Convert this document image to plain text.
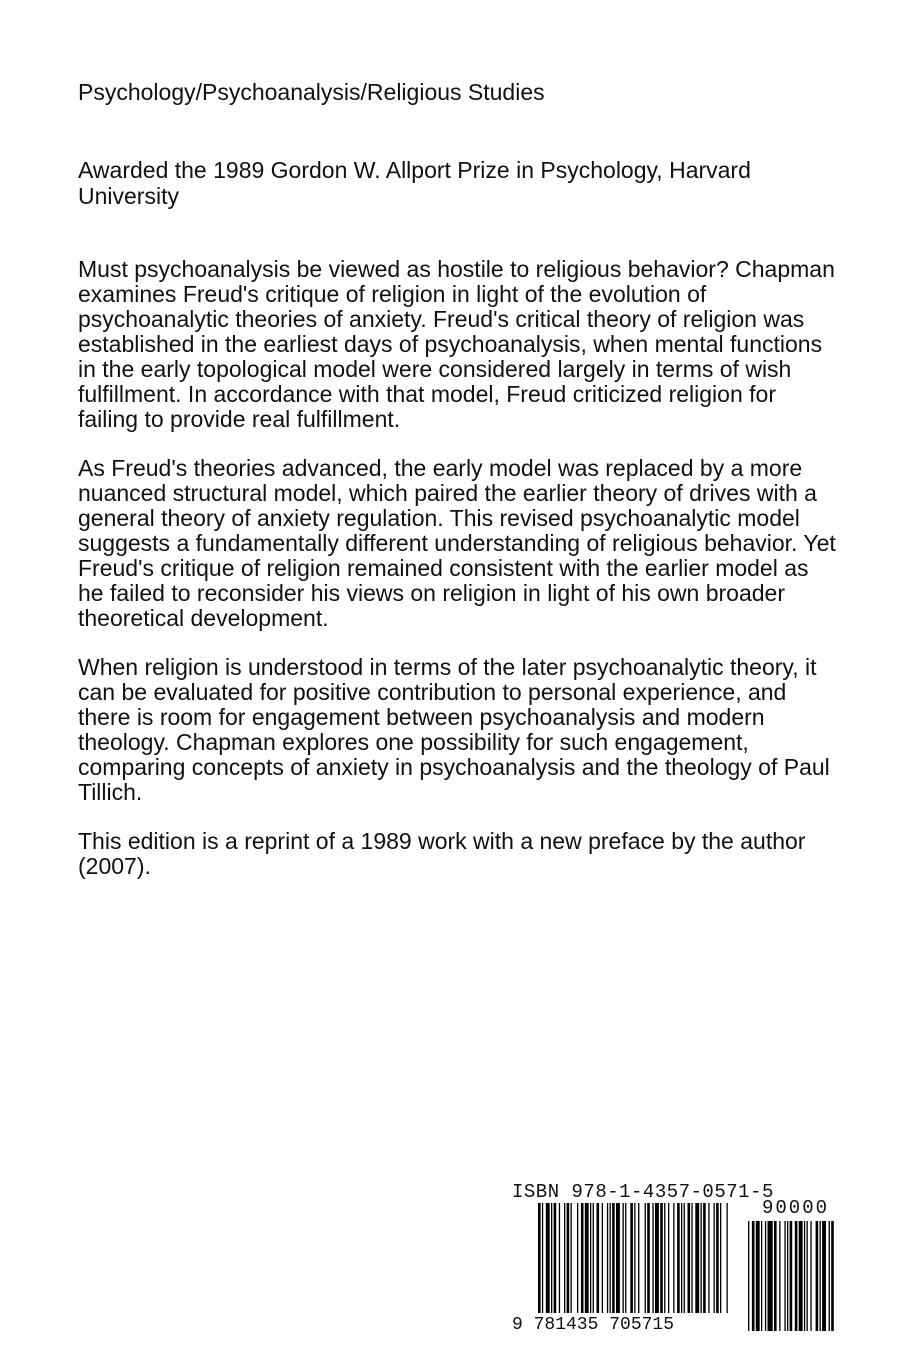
Psychology/Psychoanalysis/Religious Studies

Awarded the 1989 Gordon W. Allport Prize in Psychology, Harvard University

Must psychoanalysis be viewed as hostile to religious behavior? Chapman examines Freud's critique of religion in light of the evolution of psychoanalytic theories of anxiety. Freud's critical theory of religion was established in the earliest days of psychoanalysis, when mental functions in the early topological model were considered largely in terms of wish fulfillment. In accordance with that model, Freud criticized religion for failing to provide real fulfillment.

As Freud's theories advanced, the early model was replaced by a more nuanced structural model, which paired the earlier theory of drives with a general theory of anxiety regulation. This revised psychoanalytic model suggests a fundamentally different understanding of religious behavior. Yet Freud's critique of religion remained consistent with the earlier model as he failed to reconsider his views on religion in light of his own broader theoretical development.

When religion is understood in terms of the later psychoanalytic theory, it can be evaluated for positive contribution to personal experience, and there is room for engagement between psychoanalysis and modern theology. Chapman explores one possibility for such engagement, comparing concepts of anxiety in psychoanalysis and the theology of Paul Tillich.

This edition is a reprint of a 1989 work with a new preface by the author (2007).

ISBN 978-1-4357-0571-5
90000
9 781435 705715
